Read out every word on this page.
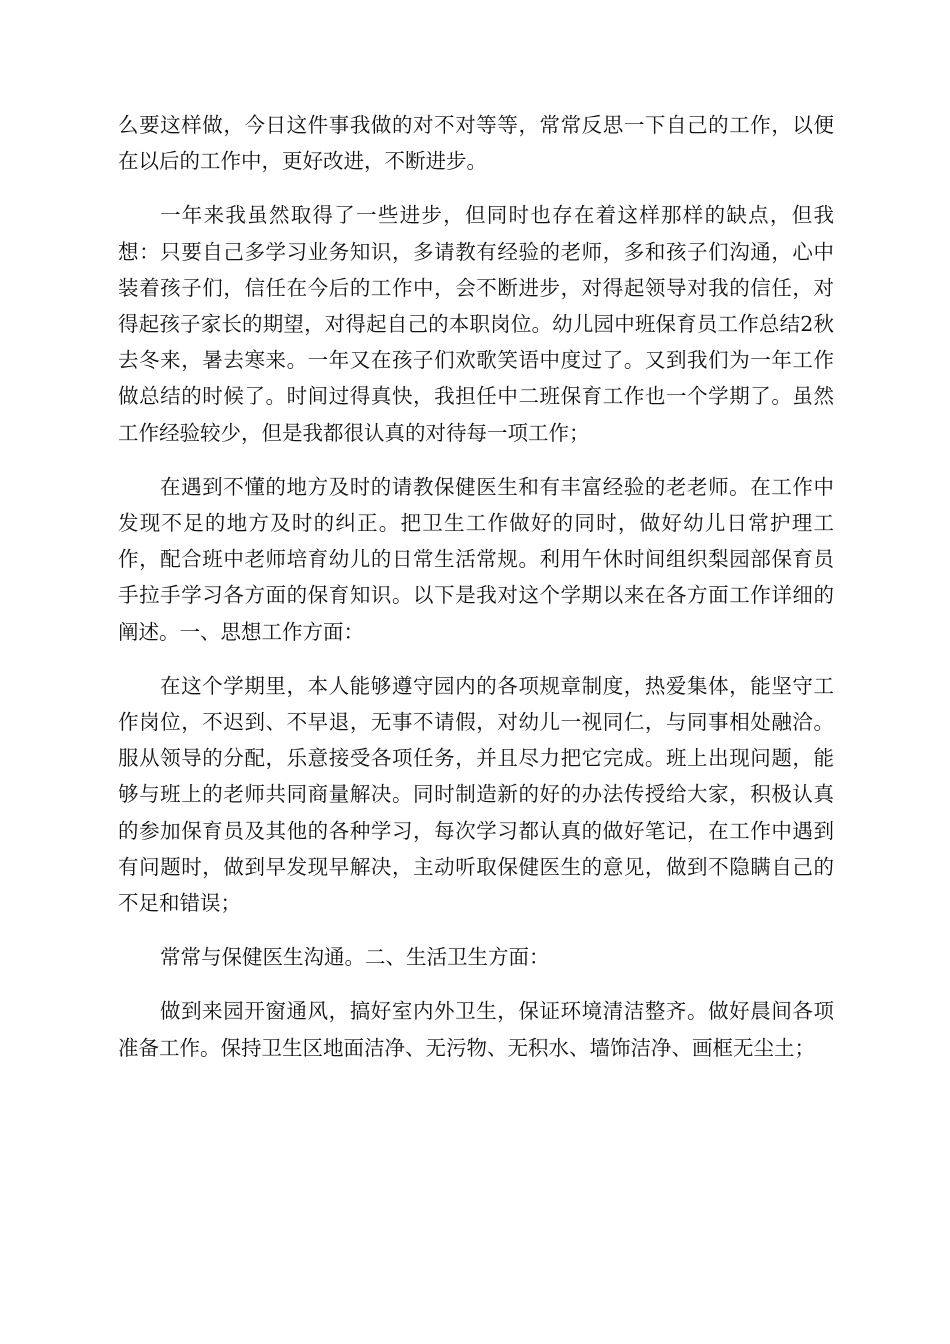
么要这样做，今日这件事我做的对不对等等，常常反思一下自己的工作，以便在以后的工作中，更好改进，不断进步。

一年来我虽然取得了一些进步，但同时也存在着这样那样的缺点，但我想：只要自己多学习业务知识，多请教有经验的老师，多和孩子们沟通，心中装着孩子们，信任在今后的工作中，会不断进步，对得起领导对我的信任，对得起孩子家长的期望，对得起自己的本职岗位。幼儿园中班保育员工作总结2秋去冬来，暑去寒来。一年又在孩子们欢歌笑语中度过了。又到我们为一年工作做总结的时候了。时间过得真快，我担任中二班保育工作也一个学期了。虽然工作经验较少，但是我都很认真的对待每一项工作；

在遇到不懂的地方及时的请教保健医生和有丰富经验的老老师。在工作中发现不足的地方及时的纠正。把卫生工作做好的同时，做好幼儿日常护理工作，配合班中老师培育幼儿的日常生活常规。利用午休时间组织梨园部保育员手拉手学习各方面的保育知识。以下是我对这个学期以来在各方面工作详细的阐述。一、思想工作方面：

在这个学期里，本人能够遵守园内的各项规章制度，热爱集体，能坚守工作岗位，不迟到、不早退，无事不请假，对幼儿一视同仁，与同事相处融洽。服从领导的分配，乐意接受各项任务，并且尽力把它完成。班上出现问题，能够与班上的老师共同商量解决。同时制造新的好的办法传授给大家，积极认真的参加保育员及其他的各种学习，每次学习都认真的做好笔记，在工作中遇到有问题时，做到早发现早解决，主动听取保健医生的意见，做到不隐瞒自己的不足和错误；

常常与保健医生沟通。二、生活卫生方面：

做到来园开窗通风，搞好室内外卫生，保证环境清洁整齐。做好晨间各项准备工作。保持卫生区地面洁净、无污物、无积水、墙饰洁净、画框无尘土；
